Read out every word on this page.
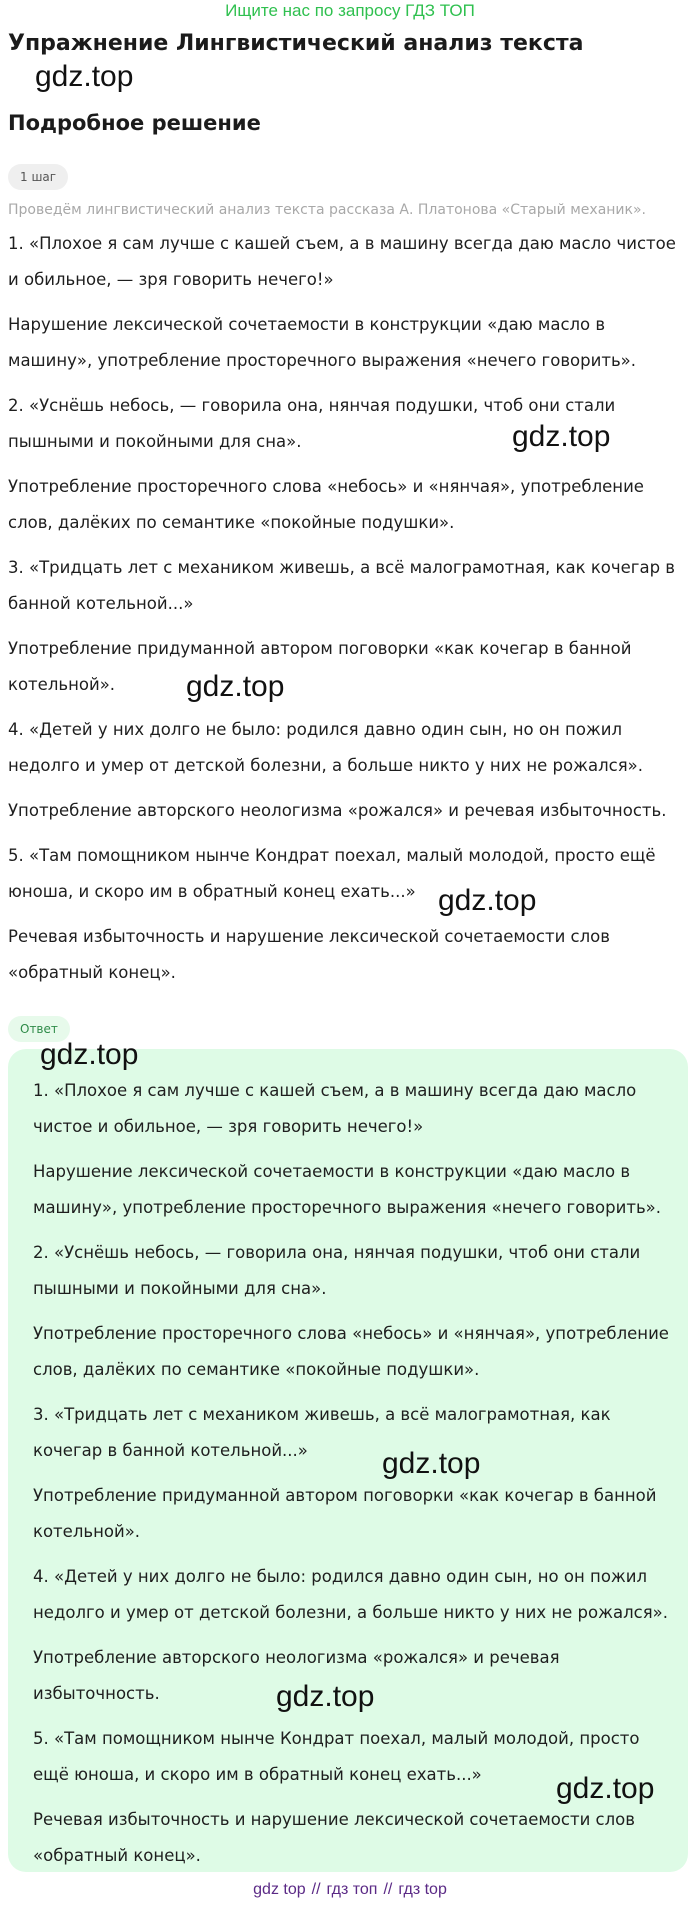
Ищите нас по запросу ГДЗ ТОП
Упражнение Лингвистический анализ текста
Подробное решение
1 шаг
Проведём лингвистический анализ текста рассказа А. Платонова «Старый механик».

1. «Плохое я сам лучше с кашей съем, а в машину всегда даю масло чистое и обильное, — зря говорить нечего!»

Нарушение лексической сочетаемости в конструкции «даю масло в машину», употребление просторечного выражения «нечего говорить».

2. «Уснёшь небось, — говорила она, нянчая подушки, чтоб они стали пышными и покойными для сна».

Употребление просторечного слова «небось» и «нянчая», употребление слов, далёких по семантике «покойные подушки».

3. «Тридцать лет с механиком живешь, а всё малограмотная, как кочегар в банной котельной...»

Употребление придуманной автором поговорки «как кочегар в банной котельной».

4. «Детей у них долго не было: родился давно один сын, но он пожил недолго и умер от детской болезни, а больше никто у них не рожался».

Употребление авторского неологизма «рожался» и речевая избыточность.

5. «Там помощником нынче Кондрат поехал, малый молодой, просто ещё юноша, и скоро им в обратный конец ехать...»

Речевая избыточность и нарушение лексической сочетаемости слов «обратный конец».

Ответ

1. «Плохое я сам лучше с кашей съем, а в машину всегда даю масло чистое и обильное, — зря говорить нечего!»

Нарушение лексической сочетаемости в конструкции «даю масло в машину», употребление просторечного выражения «нечего говорить».

2. «Уснёшь небось, — говорила она, нянчая подушки, чтоб они стали пышными и покойными для сна».

Употребление просторечного слова «небось» и «нянчая», употребление слов, далёких по семантике «покойные подушки».

3. «Тридцать лет с механиком живешь, а всё малограмотная, как кочегар в банной котельной...»

Употребление придуманной автором поговорки «как кочегар в банной котельной».

4. «Детей у них долго не было: родился давно один сын, но он пожил недолго и умер от детской болезни, а больше никто у них не рожался».

Употребление авторского неологизма «рожался» и речевая избыточность.

5. «Там помощником нынче Кондрат поехал, малый молодой, просто ещё юноша, и скоро им в обратный конец ехать...»

Речевая избыточность и нарушение лексической сочетаемости слов «обратный конец».

gdz.top
gdz.top
gdz.top
gdz.top
gdz.top
gdz.top
gdz.top
gdz.top
gdz top // гдз топ // гдз top
